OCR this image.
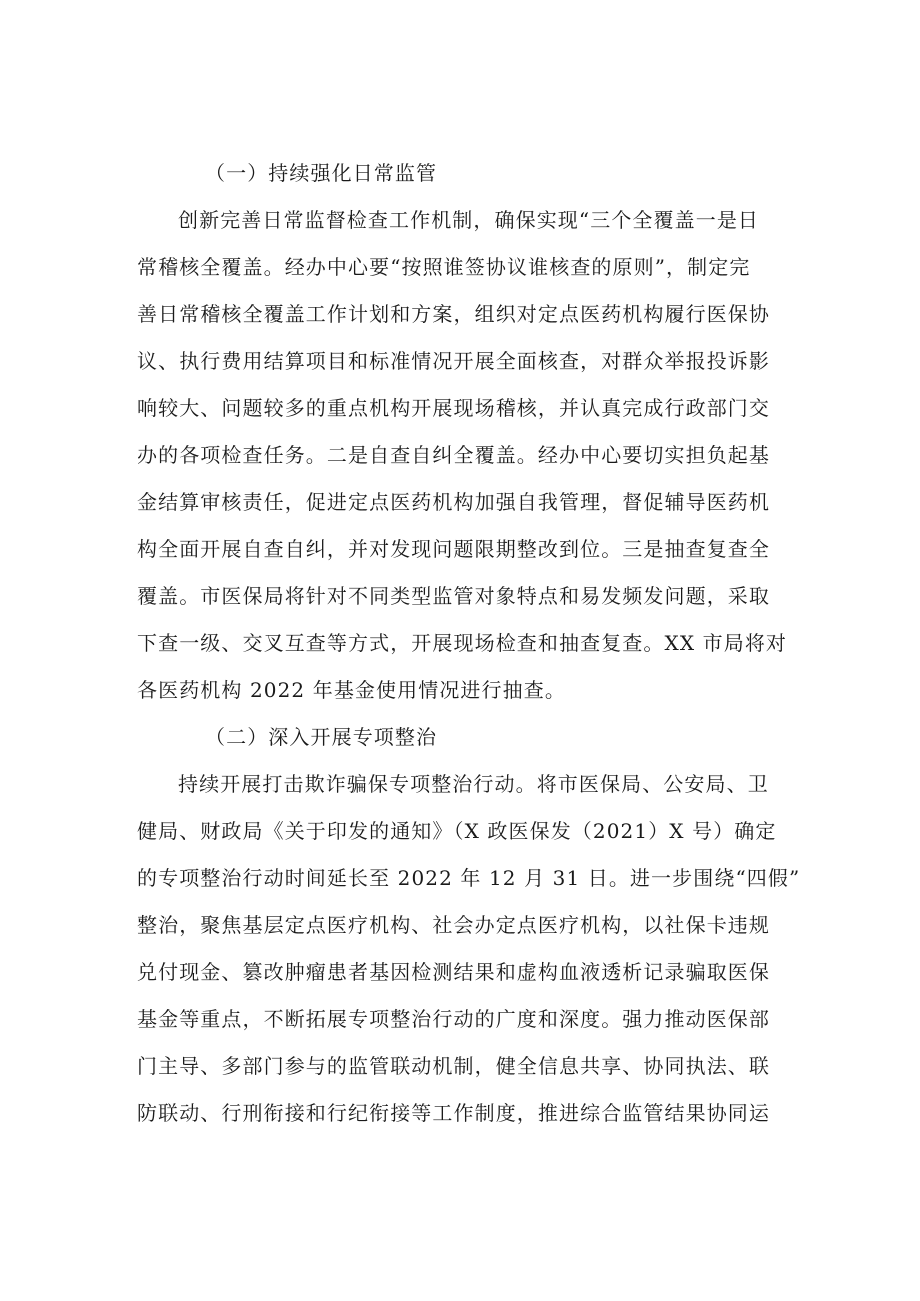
（一）持续强化日常监管
创新完善日常监督检查工作机制，确保实现“三个全覆盖一是日
常稽核全覆盖。经办中心要“按照谁签协议谁核查的原则”，制定完
善日常稽核全覆盖工作计划和方案，组织对定点医药机构履行医保协
议、执行费用结算项目和标准情况开展全面核查，对群众举报投诉影
响较大、问题较多的重点机构开展现场稽核，并认真完成行政部门交
办的各项检查任务。二是自查自纠全覆盖。经办中心要切实担负起基
金结算审核责任，促进定点医药机构加强自我管理，督促辅导医药机
构全面开展自查自纠，并对发现问题限期整改到位。三是抽查复查全
覆盖。市医保局将针对不同类型监管对象特点和易发频发问题，采取
下查一级、交叉互查等方式，开展现场检查和抽查复查。XX 市局将对
各医药机构 2022 年基金使用情况进行抽查。
（二）深入开展专项整治
持续开展打击欺诈骗保专项整治行动。将市医保局、公安局、卫
健局、财政局《关于印发的通知》（X 政医保发（2021）X 号）确定
的专项整治行动时间延长至 2022 年 12 月 31 日。进一步围绕“四假”
整治，聚焦基层定点医疗机构、社会办定点医疗机构，以社保卡违规
兑付现金、篡改肿瘤患者基因检测结果和虚构血液透析记录骗取医保
基金等重点，不断拓展专项整治行动的广度和深度。强力推动医保部
门主导、多部门参与的监管联动机制，健全信息共享、协同执法、联
防联动、行刑衔接和行纪衔接等工作制度，推进综合监管结果协同运
